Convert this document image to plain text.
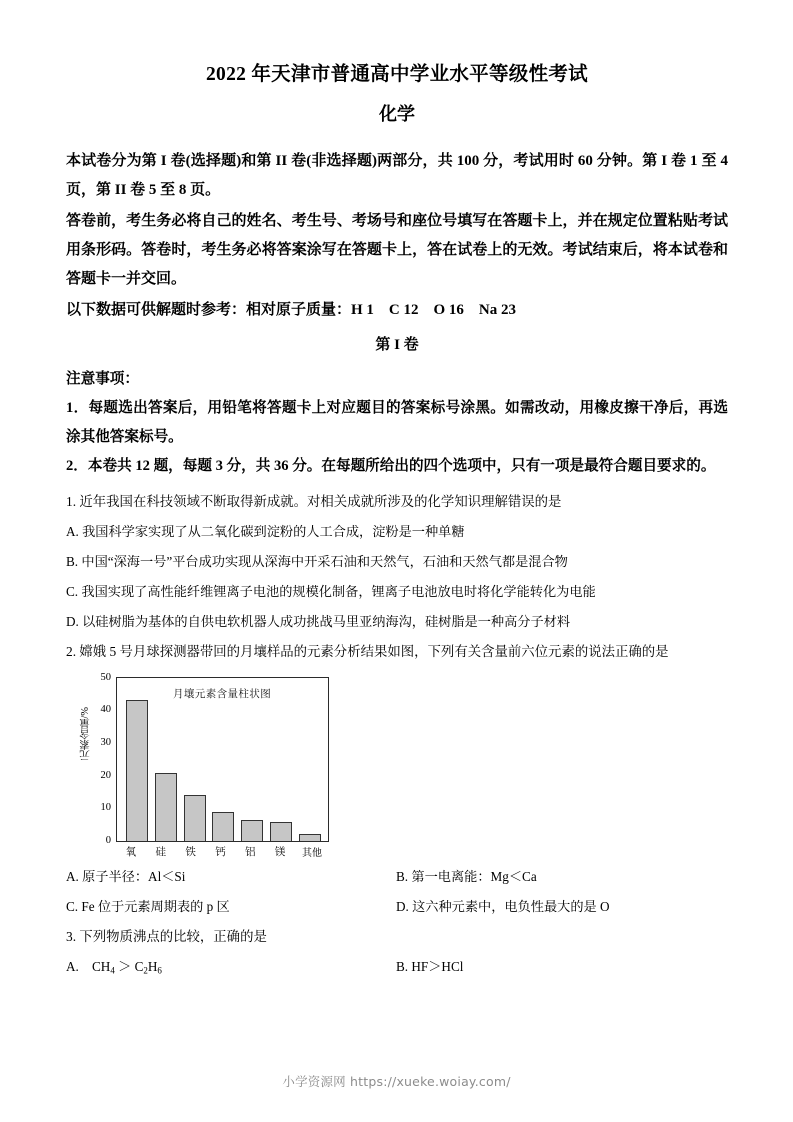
2022 年天津市普通高中学业水平等级性考试
化学

本试卷分为第 I 卷(选择题)和第 II 卷(非选择题)两部分，共 100 分，考试用时 60 分钟。第 I 卷 1 至 4 页，第 II 卷 5 至 8 页。

答卷前，考生务必将自己的姓名、考生号、考场号和座位号填写在答题卡上，并在规定位置粘贴考试用条形码。答卷时，考生务必将答案涂写在答题卡上，答在试卷上的无效。考试结束后，将本试卷和答题卡一并交回。

以下数据可供解题时参考：相对原子质量：H 1　C 12　O 16　Na 23

第 I 卷

注意事项：

1．每题选出答案后，用铅笔将答题卡上对应题目的答案标号涂黑。如需改动，用橡皮擦干净后，再选涂其他答案标号。

2．本卷共 12 题，每题 3 分，共 36 分。在每题所给出的四个选项中，只有一项是最符合题目要求的。

1. 近年我国在科技领域不断取得新成就。对相关成就所涉及的化学知识理解错误的是

A. 我国科学家实现了从二氧化碳到淀粉的人工合成，淀粉是一种单糖

B. 中国“深海一号”平台成功实现从深海中开采石油和天然气，石油和天然气都是混合物

C. 我国实现了高性能纤维锂离子电池的规模化制备，锂离子电池放电时将化学能转化为电能

D. 以硅树脂为基体的自供电软机器人成功挑战马里亚纳海沟，硅树脂是一种高分子材料

2. 嫦娥 5 号月球探测器带回的月壤样品的元素分析结果如图，下列有关含量前六位元素的说法正确的是

元素含量/%
0
10
20
30
40
50
月壤元素含量柱状图
氧	硅	铁	钙	铝	镁	其他
A. 原子半径：Al＜Si	B. 第一电离能：Mg＜Ca
C. Fe 位于元素周期表的 p 区	D. 这六种元素中，电负性最大的是 O

3. 下列物质沸点的比较，正确的是

A.　$CH_4 > C_2H_6$	B. HF＞HCl
小学资源网 https://xueke.woiay.com/
